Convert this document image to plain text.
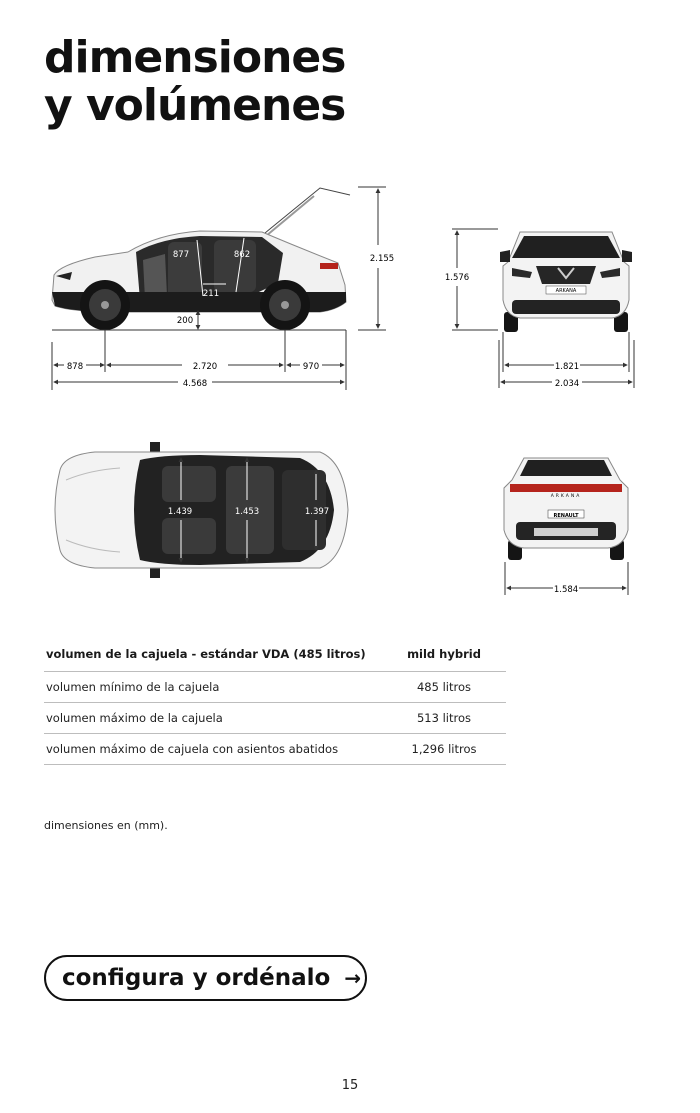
dimensiones
y volúmenes
878	2.720	970
4.568
2.155
200
877	862
211	ARKANA
1.576
1.821
2.034
1.439	1.453	1.397
ARKANA
RENAULT
1.584
volumen de la cajuela - estándar VDA (485 litros)	mild hybrid
volumen mínimo de la cajuela	485 litros
volumen máximo de la cajuela	513 litros
volumen máximo de cajuela con asientos abatidos	1,296 litros
dimensiones en (mm).
configura y ordénalo →
15
